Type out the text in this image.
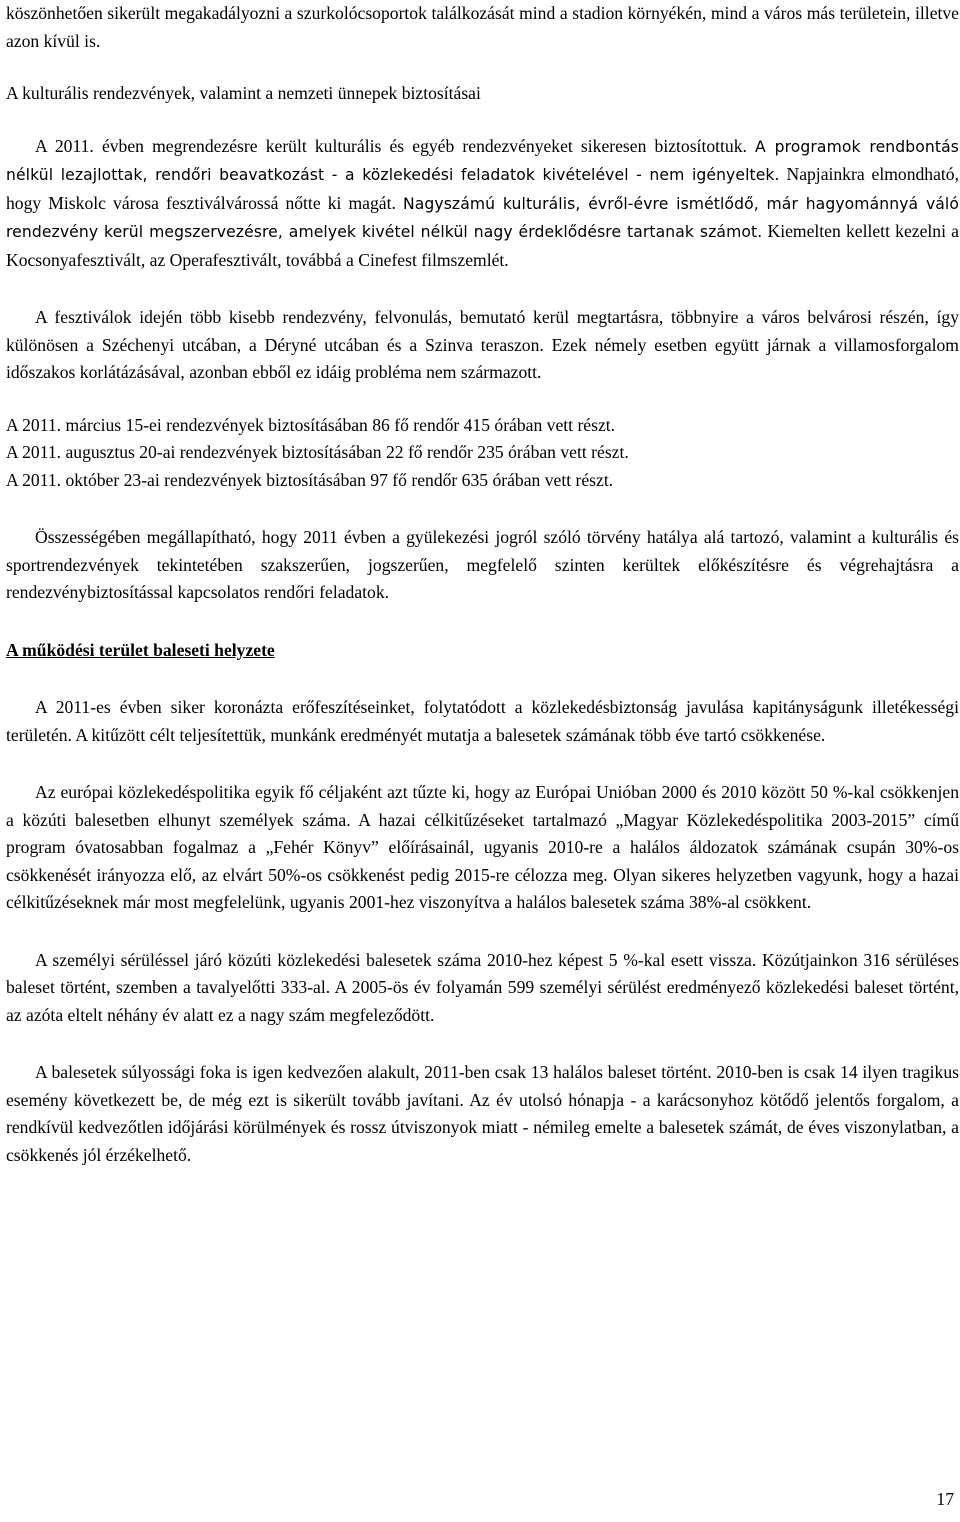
köszönhetően sikerült megakadályozni a szurkolócsoportok találkozását mind a stadion környékén, mind a város más területein, illetve azon kívül is.

A kulturális rendezvények, valamint a nemzeti ünnepek biztosításai

A 2011. évben megrendezésre került kulturális és egyéb rendezvényeket sikeresen biztosítottuk. A programok rendbontás nélkül lezajlottak, rendőri beavatkozást - a közlekedési feladatok kivételével - nem igényeltek. Napjainkra elmondható, hogy Miskolc városa fesztiválvárossá nőtte ki magát. Nagyszámú kulturális, évről-évre ismétlődő, már hagyománnyá váló rendezvény kerül megszervezésre, amelyek kivétel nélkül nagy érdeklődésre tartanak számot. Kiemelten kellett kezelni a Kocsonyafesztivált, az Operafesztivált, továbbá a Cinefest filmszemlét.

A fesztiválok idején több kisebb rendezvény, felvonulás, bemutató kerül megtartásra, többnyire a város belvárosi részén, így különösen a Széchenyi utcában, a Déryné utcában és a Szinva teraszon. Ezek némely esetben együtt járnak a villamosforgalom időszakos korlátázásával, azonban ebből ez idáig probléma nem származott.

A 2011. március 15-ei rendezvények biztosításában 86 fő rendőr 415 órában vett részt.

A 2011. augusztus 20-ai rendezvények biztosításában 22 fő rendőr 235 órában vett részt.

A 2011. október 23-ai rendezvények biztosításában 97 fő rendőr 635 órában vett részt.

Összességében megállapítható, hogy 2011 évben a gyülekezési jogról szóló törvény hatálya alá tartozó, valamint a kulturális és sportrendezvények tekintetében szakszerűen, jogszerűen, megfelelő szinten kerültek előkészítésre és végrehajtásra a rendezvénybiztosítással kapcsolatos rendőri feladatok.

A működési terület baleseti helyzete

A 2011-es évben siker koronázta erőfeszítéseinket, folytatódott a közlekedésbiztonság javulása kapitányságunk illetékességi területén. A kitűzött célt teljesítettük, munkánk eredményét mutatja a balesetek számának több éve tartó csökkenése.

Az európai közlekedéspolitika egyik fő céljaként azt tűzte ki, hogy az Európai Unióban 2000 és 2010 között 50 %-kal csökkenjen a közúti balesetben elhunyt személyek száma. A hazai célkitűzéseket tartalmazó „Magyar Közlekedéspolitika 2003-2015” című program óvatosabban fogalmaz a „Fehér Könyv” előírásainál, ugyanis 2010-re a halálos áldozatok számának csupán 30%-os csökkenését irányozza elő, az elvárt 50%-os csökkenést pedig 2015-re célozza meg. Olyan sikeres helyzetben vagyunk, hogy a hazai célkitűzéseknek már most megfelelünk, ugyanis 2001-hez viszonyítva a halálos balesetek száma 38%-al csökkent.

A személyi sérüléssel járó közúti közlekedési balesetek száma 2010-hez képest 5 %-kal esett vissza. Közútjainkon 316 sérüléses baleset történt, szemben a tavalyelőtti 333-al. A 2005-ös év folyamán 599 személyi sérülést eredményező közlekedési baleset történt, az azóta eltelt néhány év alatt ez a nagy szám megfeleződött.

A balesetek súlyossági foka is igen kedvezően alakult, 2011-ben csak 13 halálos baleset történt. 2010-ben is csak 14 ilyen tragikus esemény következett be, de még ezt is sikerült tovább javítani. Az év utolsó hónapja - a karácsonyhoz kötődő jelentős forgalom, a rendkívül kedvezőtlen időjárási körülmények és rossz útviszonyok miatt - némileg emelte a balesetek számát, de éves viszonylatban, a csökkenés jól érzékelhető.

17
